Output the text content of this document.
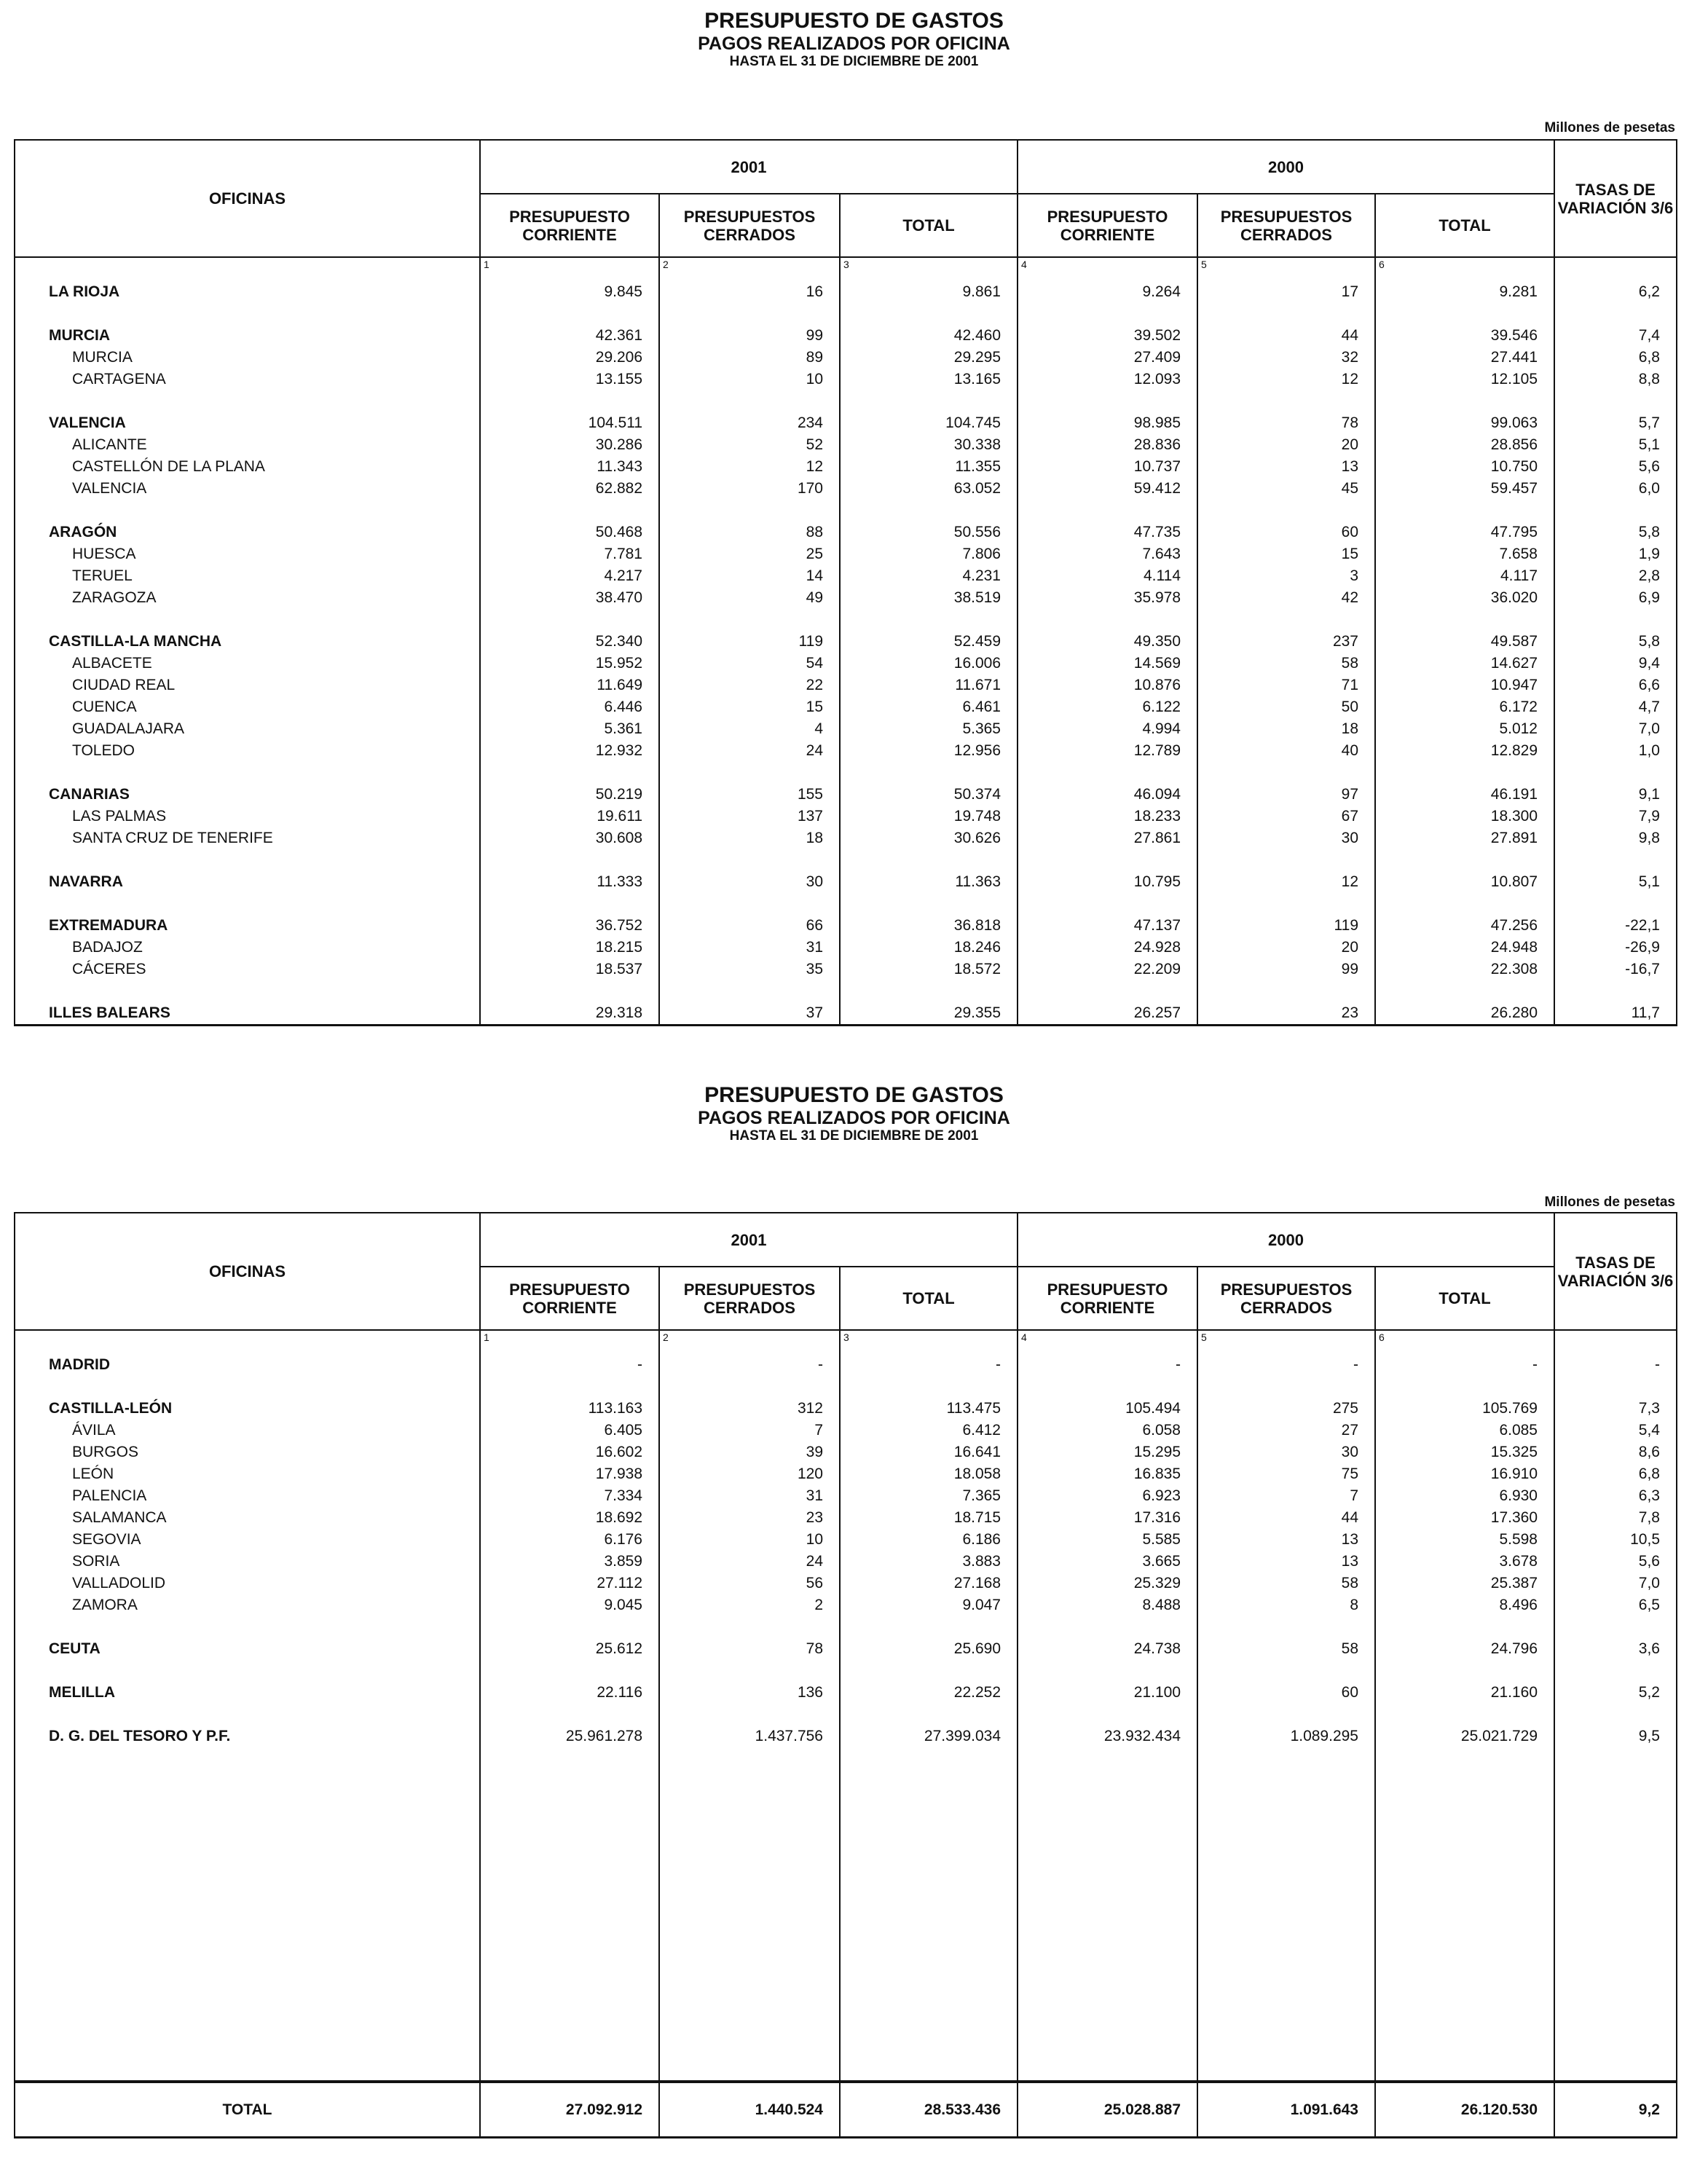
PRESUPUESTO DE GASTOS
PAGOS REALIZADOS POR OFICINA
HASTA EL 31 DE DICIEMBRE DE 2001
Millones de pesetas
OFICINAS	2001			2000			TASAS DE VARIACIÓN 3/6
	PRESUPUESTO CORRIENTE	PRESUPUESTOS CERRADOS	TOTAL	PRESUPUESTO CORRIENTE	PRESUPUESTOS CERRADOS	TOTAL	
	1	2	3	4	5	6	
LA RIOJA	9.845	16	9.861	9.264	17	9.281	6,2

MURCIA	42.361	99	42.460	39.502	44	39.546	7,4
MURCIA	29.206	89	29.295	27.409	32	27.441	6,8
CARTAGENA	13.155	10	13.165	12.093	12	12.105	8,8

VALENCIA	104.511	234	104.745	98.985	78	99.063	5,7
ALICANTE	30.286	52	30.338	28.836	20	28.856	5,1
CASTELLÓN DE LA PLANA	11.343	12	11.355	10.737	13	10.750	5,6
VALENCIA	62.882	170	63.052	59.412	45	59.457	6,0

ARAGÓN	50.468	88	50.556	47.735	60	47.795	5,8
HUESCA	7.781	25	7.806	7.643	15	7.658	1,9
TERUEL	4.217	14	4.231	4.114	3	4.117	2,8
ZARAGOZA	38.470	49	38.519	35.978	42	36.020	6,9

CASTILLA-LA MANCHA	52.340	119	52.459	49.350	237	49.587	5,8
ALBACETE	15.952	54	16.006	14.569	58	14.627	9,4
CIUDAD REAL	11.649	22	11.671	10.876	71	10.947	6,6
CUENCA	6.446	15	6.461	6.122	50	6.172	4,7
GUADALAJARA	5.361	4	5.365	4.994	18	5.012	7,0
TOLEDO	12.932	24	12.956	12.789	40	12.829	1,0

CANARIAS	50.219	155	50.374	46.094	97	46.191	9,1
LAS PALMAS	19.611	137	19.748	18.233	67	18.300	7,9
SANTA CRUZ DE TENERIFE	30.608	18	30.626	27.861	30	27.891	9,8

NAVARRA	11.333	30	11.363	10.795	12	10.807	5,1

EXTREMADURA	36.752	66	36.818	47.137	119	47.256	-22,1
BADAJOZ	18.215	31	18.246	24.928	20	24.948	-26,9
CÁCERES	18.537	35	18.572	22.209	99	22.308	-16,7

ILLES BALEARS	29.318	37	29.355	26.257	23	26.280	11,7
PRESUPUESTO DE GASTOS
PAGOS REALIZADOS POR OFICINA
HASTA EL 31 DE DICIEMBRE DE 2001
Millones de pesetas
OFICINAS	2001			2000			TASAS DE VARIACIÓN 3/6
	PRESUPUESTO CORRIENTE	PRESUPUESTOS CERRADOS	TOTAL	PRESUPUESTO CORRIENTE	PRESUPUESTOS CERRADOS	TOTAL	
	1	2	3	4	5	6	
MADRID	-	-	-	-	-	-	-

CASTILLA-LEÓN	113.163	312	113.475	105.494	275	105.769	7,3
ÁVILA	6.405	7	6.412	6.058	27	6.085	5,4
BURGOS	16.602	39	16.641	15.295	30	15.325	8,6
LEÓN	17.938	120	18.058	16.835	75	16.910	6,8
PALENCIA	7.334	31	7.365	6.923	7	6.930	6,3
SALAMANCA	18.692	23	18.715	17.316	44	17.360	7,8
SEGOVIA	6.176	10	6.186	5.585	13	5.598	10,5
SORIA	3.859	24	3.883	3.665	13	3.678	5,6
VALLADOLID	27.112	56	27.168	25.329	58	25.387	7,0
ZAMORA	9.045	2	9.047	8.488	8	8.496	6,5

CEUTA	25.612	78	25.690	24.738	58	24.796	3,6

MELILLA	22.116	136	22.252	21.100	60	21.160	5,2

D. G. DEL TESORO Y P.F.	25.961.278	1.437.756	27.399.034	23.932.434	1.089.295	25.021.729	9,5

TOTAL	27.092.912	1.440.524	28.533.436	25.028.887	1.091.643	26.120.530	9,2
